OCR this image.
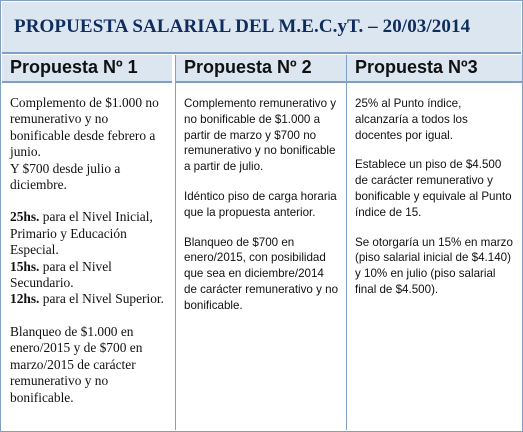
PROPUESTA SALARIAL DEL M.E.C.yT. – 20/03/2014
Propuesta Nº 1	Propuesta Nº 2 Propuesta Nº3

Complemento de $1.000 no remunerativo y no bonificable desde febrero a junio.

Y $700 desde julio a diciembre.

25hs. para el Nivel Inicial, Primario y Educación Especial.

15hs. para el Nivel Secundario.

12hs. para el Nivel Superior.

Blanqueo de $1.000 en enero/2015 y de $700 en marzo/2015 de carácter remunerativo y no bonificable.

Complemento remunerativo y no bonificable de $1.000 a partir de marzo y $700 no remunerativo y no bonificable a partir de julio.

Idéntico piso de carga horaria que la propuesta anterior.

Blanqueo de $700 en enero/2015, con posibilidad que sea en diciembre/2014 de carácter remunerativo y no bonificable.

25% al Punto índice, alcanzaría a todos los docentes por igual.

Establece un piso de $4.500 de carácter remunerativo y bonificable y equivale al Punto índice de 15.

Se otorgaría un 15% en marzo (piso salarial inicial de $4.140) y 10% en julio (piso salarial final de $4.500).
